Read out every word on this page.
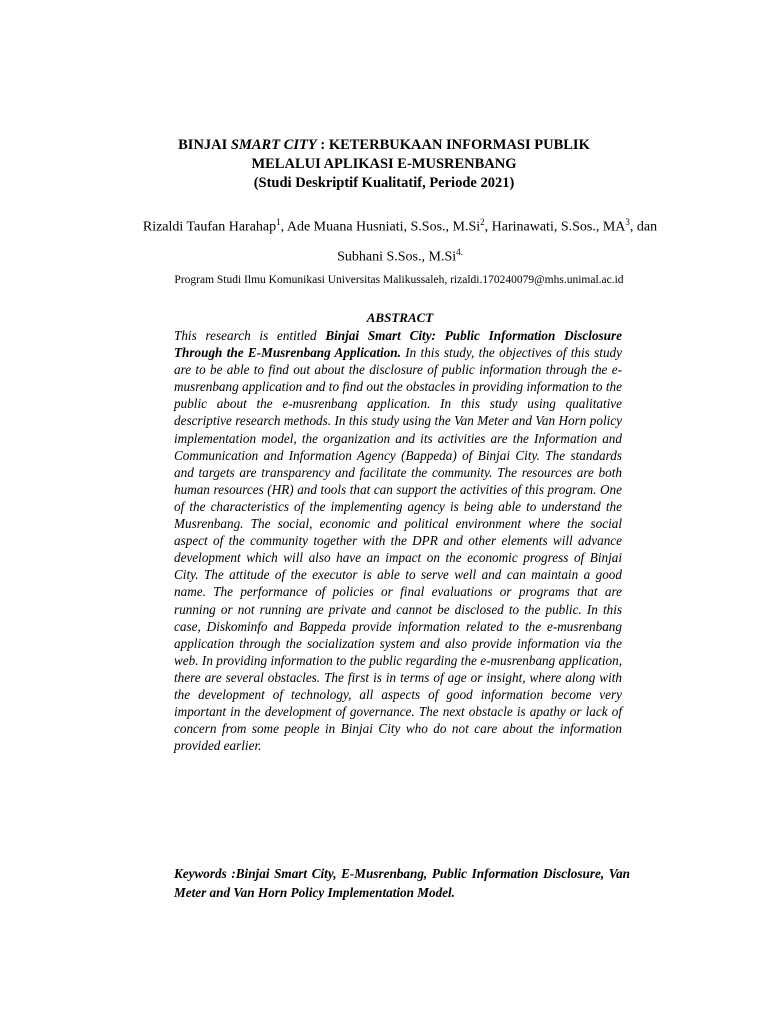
BINJAI SMART CITY : KETERBUKAAN INFORMASI PUBLIK
MELALUI APLIKASI E-MUSRENBANG
(Studi Deskriptif Kualitatif, Periode 2021)
Rizaldi Taufan Harahap$^1$, Ade Muana Husniati, S.Sos., M.Si$^2$, Harinawati, S.Sos., $MA^3$, dan Subhani S.Sos., $M.Si^{4.}$
Program Studi Ilmu Komunikasi Universitas Malikussaleh, rizaldi.170240079@mhs.unimal.ac.id
ABSTRACT
This research is entitled Binjai Smart City: Public Information Disclosure Through the E-Musrenbang Application. In this study, the objectives of this study are to be able to find out about the disclosure of public information through the e-musrenbang application and to find out the obstacles in providing information to the public about the e-musrenbang application. In this study using qualitative descriptive research methods. In this study using the Van Meter and Van Horn policy implementation model, the organization and its activities are the Information and Communication and Information Agency (Bappeda) of Binjai City. The standards and targets are transparency and facilitate the community. The resources are both human resources (HR) and tools that can support the activities of this program. One of the characteristics of the implementing agency is being able to understand the Musrenbang. The social, economic and political environment where the social aspect of the community together with the DPR and other elements will advance development which will also have an impact on the economic progress of Binjai City. The attitude of the executor is able to serve well and can maintain a good name. The performance of policies or final evaluations or programs that are running or not running are private and cannot be disclosed to the public. In this case, Diskominfo and Bappeda provide information related to the e-musrenbang application through the socialization system and also provide information via the web. In providing information to the public regarding the e-musrenbang application, there are several obstacles. The first is in terms of age or insight, where along with the development of technology, all aspects of good information become very important in the development of governance. The next obstacle is apathy or lack of concern from some people in Binjai City who do not care about the information provided earlier.
Keywords :Binjai Smart City, E-Musrenbang, Public Information Disclosure, Van Meter and Van Horn Policy Implementation Model.
